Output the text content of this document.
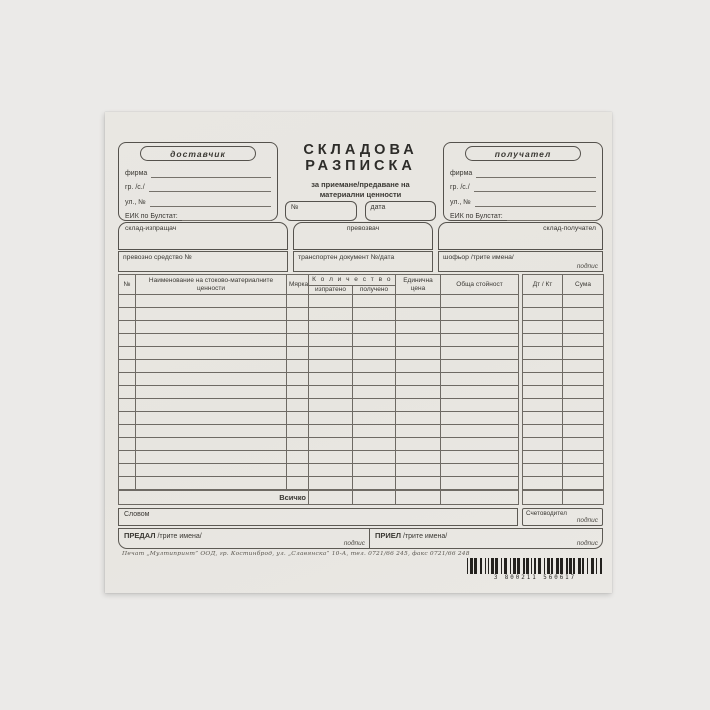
доставчик
фирма
гр. /с./
ул., №
ЕИК по Булстат:
СКЛАДОВА
РАЗПИСКА
за приемане/предаване на
материални ценности
№	дата
получател
фирма
гр. /с./
ул., №
ЕИК по Булстат:
склад-изпращач	превозвач	склад-получател
превозно средство №	транспортен документ №/дата	шофьор /трите имена/
подпис
№	Наименование на стоково-материалните ценности	Мярка	К о л и ч е с т в о		Единична цена	Обща стойност		Дт / Кт	Сума
			изпратено	получено					

Всичко									
Словом	Счетоводител
подпис
ПРЕДАЛ /трите имена/
подпис
ПРИЕЛ /трите имена/
подпис
Печат „Мултипринт” ООД, гр. Костинброд, ул. „Славянска” 10-А, тел. 0721/66 245, факс 0721/66 248
3 800211 560617
